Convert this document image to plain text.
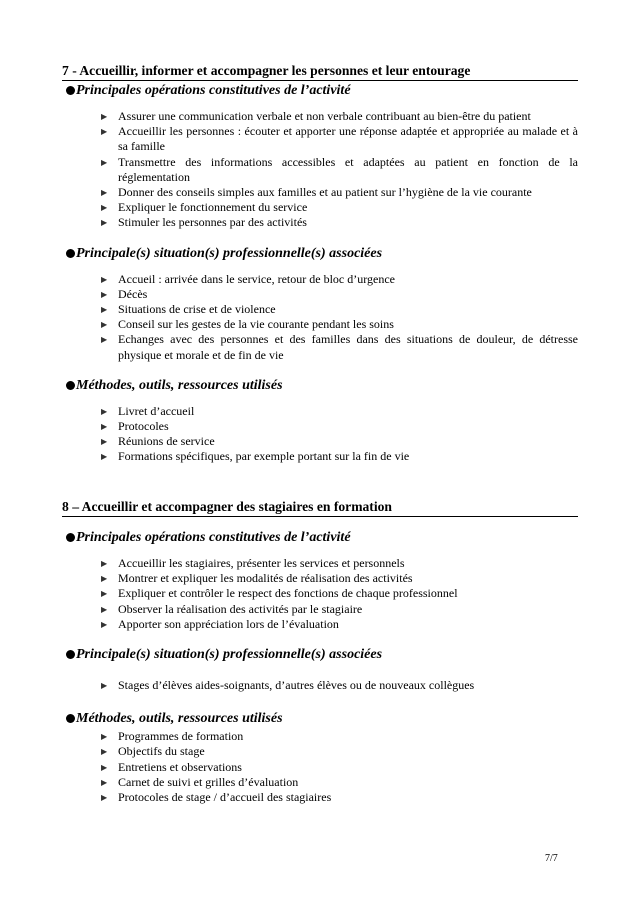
7 - Accueillir, informer et accompagner les personnes et leur entourage
Principales opérations constitutives de l’activité
▶ Assurer une communication verbale et non verbale contribuant au bien-être du patient
▶ Accueillir les personnes : écouter et apporter une réponse adaptée et appropriée au malade et à sa famille
▶ Transmettre des informations accessibles et adaptées au patient en fonction de la réglementation
▶ Donner des conseils simples aux familles et au patient sur l’hygiène de la vie courante
▶ Expliquer le fonctionnement du service
▶ Stimuler les personnes par des activités
Principale(s) situation(s) professionnelle(s) associées
▶ Accueil : arrivée dans le service, retour de bloc d’urgence
▶ Décès
▶ Situations de crise et de violence
▶ Conseil sur les gestes de la vie courante pendant les soins
▶ Echanges avec des personnes et des familles dans des situations de douleur, de détresse physique et morale et de fin de vie
Méthodes, outils, ressources utilisés
▶ Livret d’accueil
▶ Protocoles
▶ Réunions de service
▶ Formations spécifiques, par exemple portant sur la fin de vie
8 – Accueillir et accompagner des stagiaires en formation
Principales opérations constitutives de l’activité
▶ Accueillir les stagiaires, présenter les services et personnels
▶ Montrer et expliquer les modalités de réalisation des activités
▶ Expliquer et contrôler le respect des fonctions de chaque professionnel
▶ Observer la réalisation des activités par le stagiaire
▶ Apporter son appréciation lors de l’évaluation
Principale(s) situation(s) professionnelle(s) associées
▶ Stages d’élèves aides-soignants, d’autres élèves ou de nouveaux collègues
Méthodes, outils, ressources utilisés
▶ Programmes de formation
▶ Objectifs du stage
▶ Entretiens et observations
▶ Carnet de suivi et grilles d’évaluation
▶ Protocoles de stage / d’accueil des stagiaires
7/7
